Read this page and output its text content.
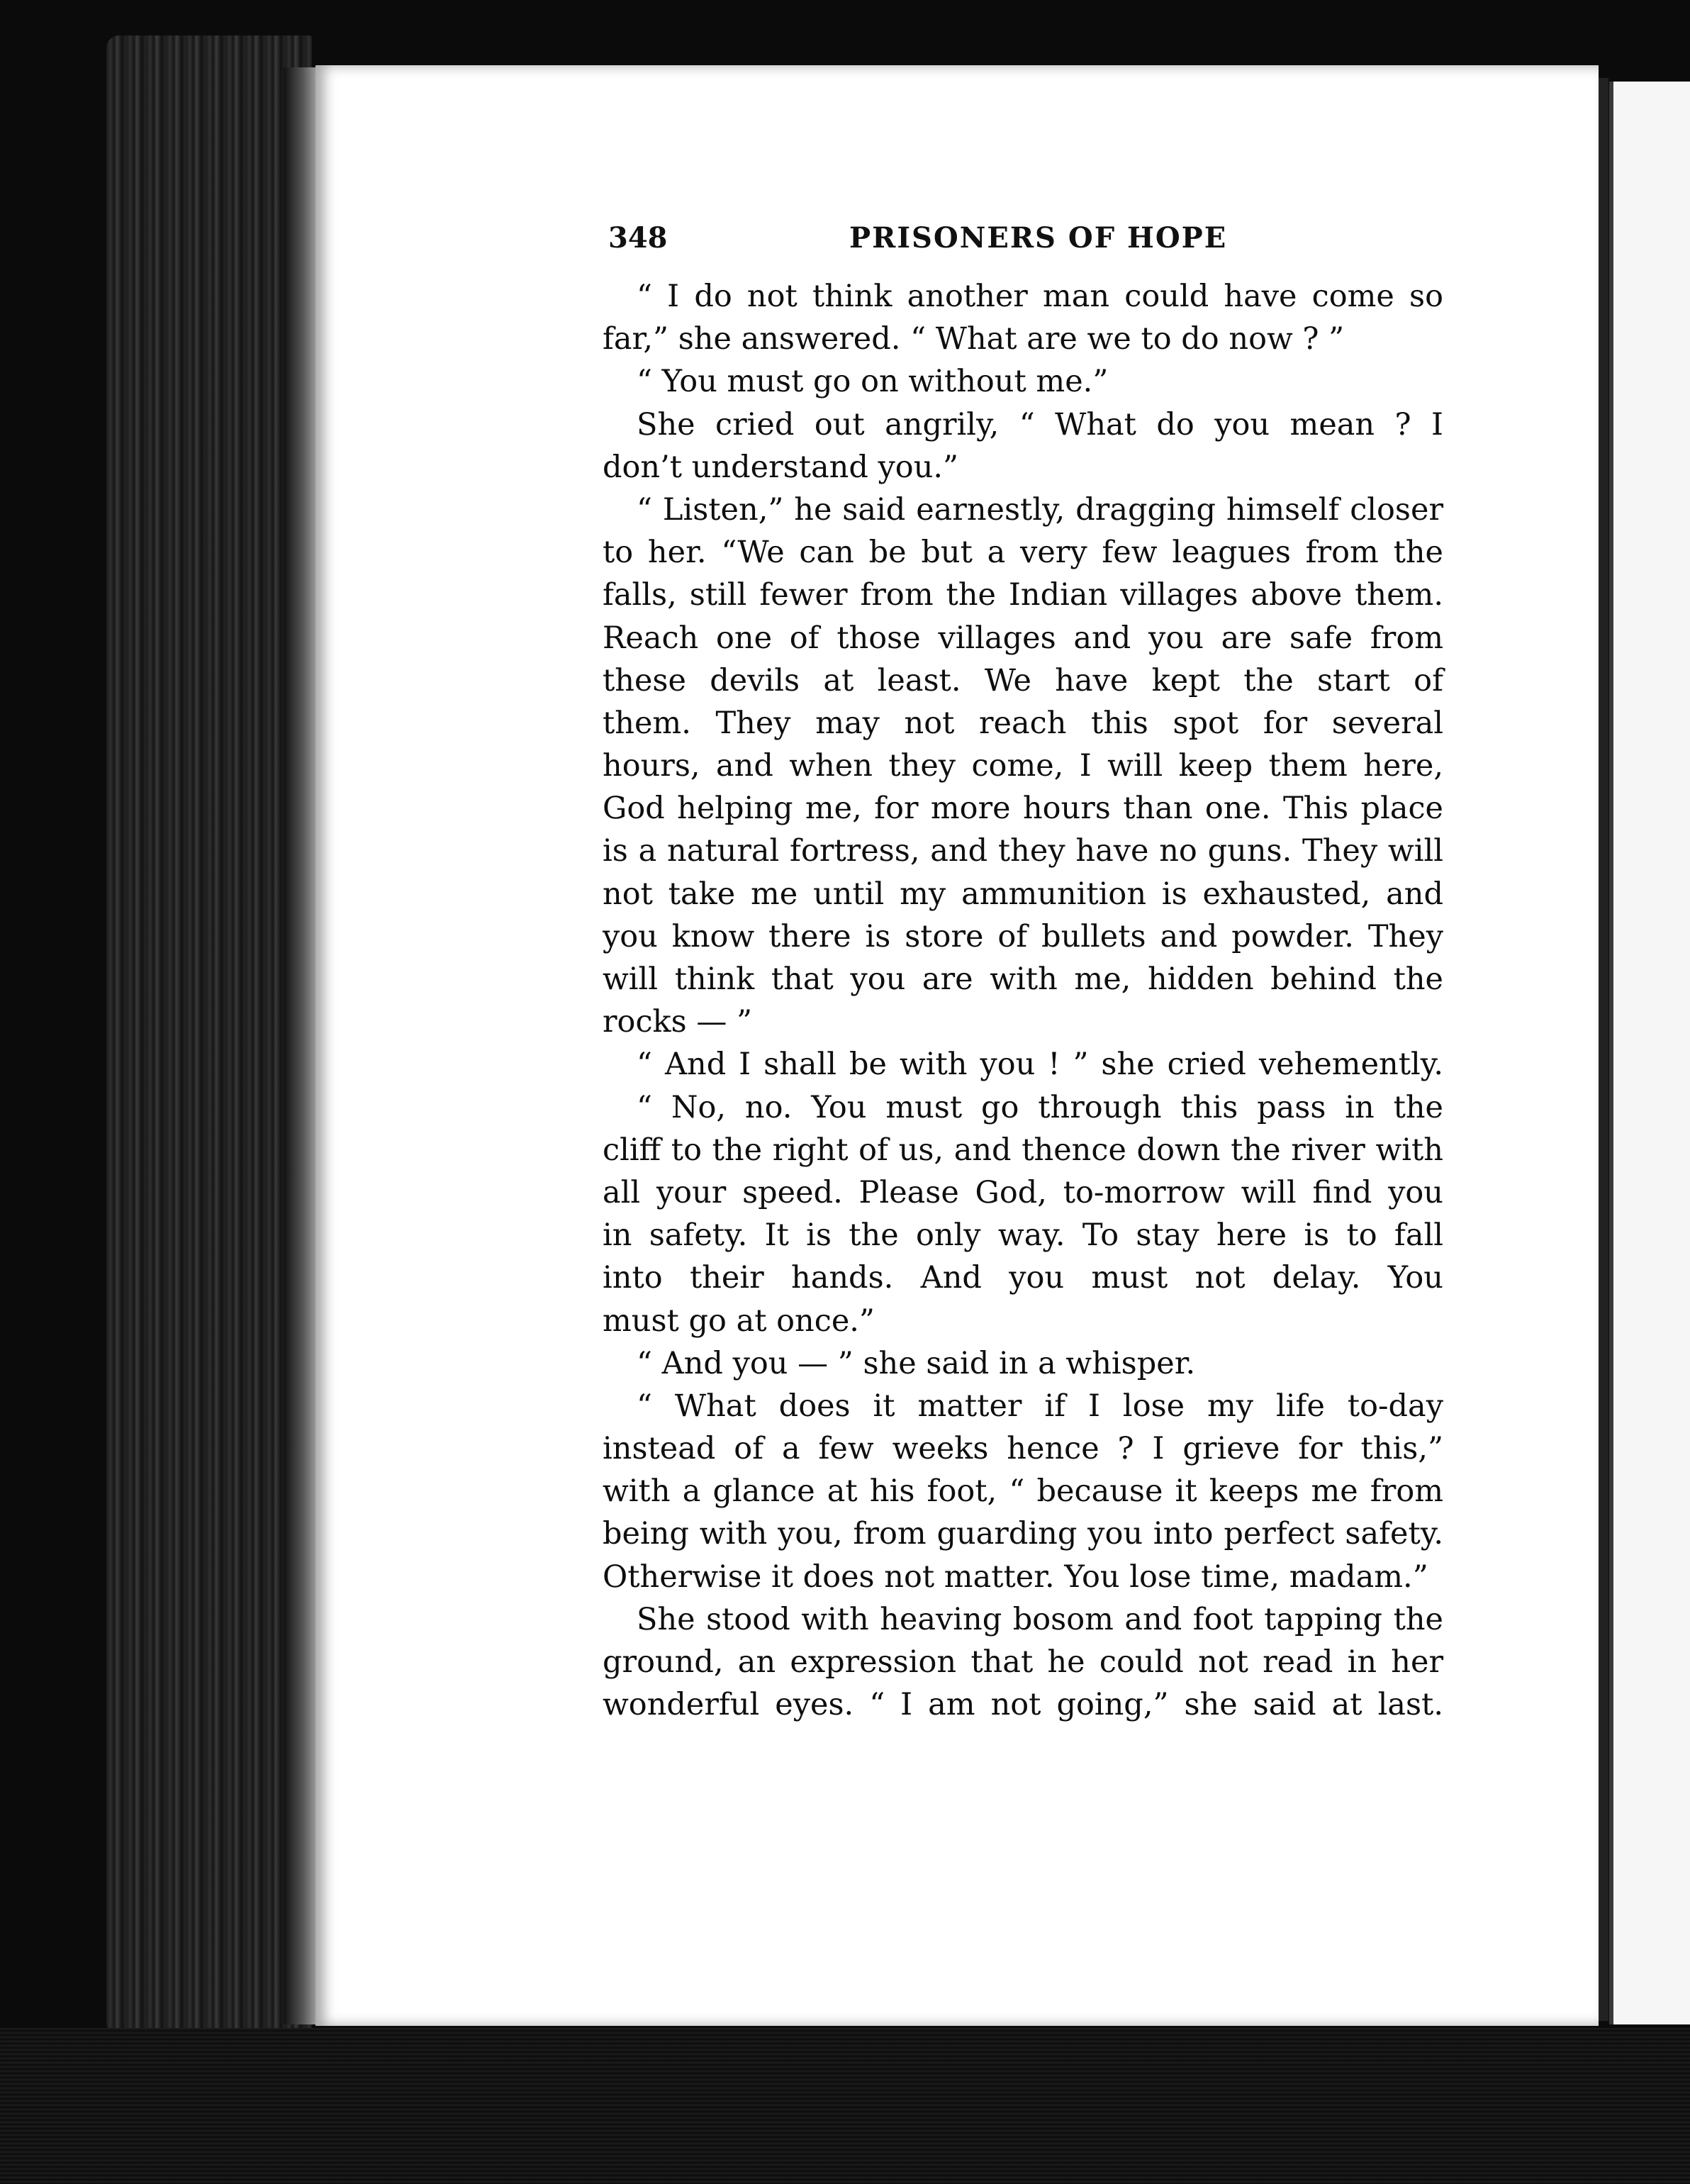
348	PRISONERS OF HOPE
“ I do not think another man could have come so
far,” she answered. “ What are we to do now ? ”
“ You must go on without me.”
She cried out angrily, “ What do you mean ? I
don’t understand you.”
“ Listen,” he said earnestly, dragging himself closer
to her. “We can be but a very few leagues from the
falls, still fewer from the Indian villages above them.
Reach one of those villages and you are safe from
these devils at least. We have kept the start of
them. They may not reach this spot for several
hours, and when they come, I will keep them here,
God helping me, for more hours than one. This place
is a natural fortress, and they have no guns. They will
not take me until my ammunition is exhausted, and
you know there is store of bullets and powder. They
will think that you are with me, hidden behind the
rocks — ”
“ And I shall be with you ! ” she cried vehemently.
“ No, no. You must go through this pass in the
cliff to the right of us, and thence down the river with
all your speed. Please God, to-morrow will find you
in safety. It is the only way. To stay here is to fall
into their hands. And you must not delay. You
must go at once.”
“ And you — ” she said in a whisper.
“ What does it matter if I lose my life to-day
instead of a few weeks hence ? I grieve for this,”
with a glance at his foot, “ because it keeps me from
being with you, from guarding you into perfect safety.
Otherwise it does not matter. You lose time, madam.”
She stood with heaving bosom and foot tapping the
ground, an expression that he could not read in her
wonderful eyes. “ I am not going,” she said at last.
